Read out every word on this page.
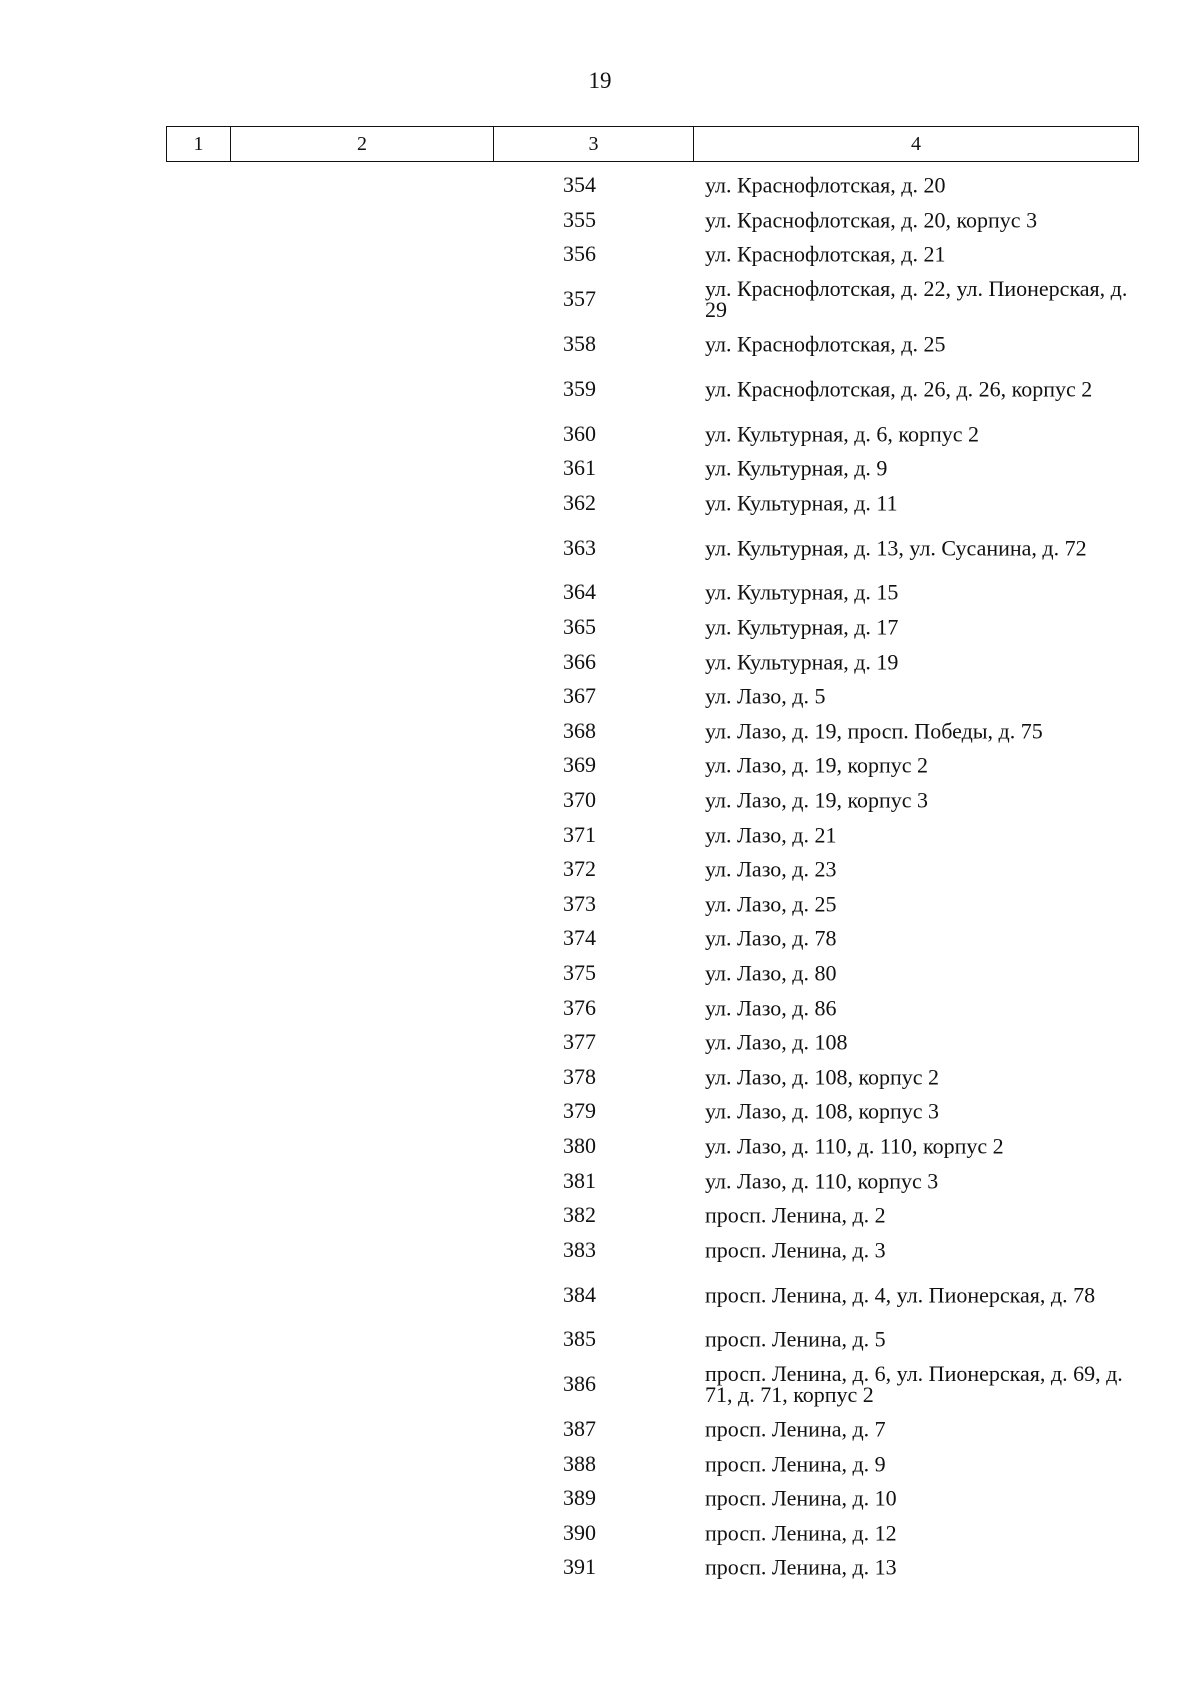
19
1	2	3	4
354	ул. Краснофлотская, д. 20
355	ул. Краснофлотская, д. 20, корпус 3
356	ул. Краснофлотская, д. 21
357	ул. Краснофлотская, д. 22, ул. Пионерская, д. 29
358	ул. Краснофлотская, д. 25
359	ул. Краснофлотская, д. 26, д. 26, корпус 2
360	ул. Культурная, д. 6, корпус 2
361	ул. Культурная, д. 9
362	ул. Культурная, д. 11
363	ул. Культурная, д. 13, ул. Сусанина, д. 72
364	ул. Культурная, д. 15
365	ул. Культурная, д. 17
366	ул. Культурная, д. 19
367	ул. Лазо, д. 5
368	ул. Лазо, д. 19, просп. Победы, д. 75
369	ул. Лазо, д. 19, корпус 2
370	ул. Лазо, д. 19, корпус 3
371	ул. Лазо, д. 21
372	ул. Лазо, д. 23
373	ул. Лазо, д. 25
374	ул. Лазо, д. 78
375	ул. Лазо, д. 80
376	ул. Лазо, д. 86
377	ул. Лазо, д. 108
378	ул. Лазо, д. 108, корпус 2
379	ул. Лазо, д. 108, корпус 3
380	ул. Лазо, д. 110, д. 110, корпус 2
381	ул. Лазо, д. 110, корпус 3
382	просп. Ленина, д. 2
383	просп. Ленина, д. 3
384	просп. Ленина, д. 4, ул. Пионерская, д. 78
385	просп. Ленина, д. 5
386	просп. Ленина, д. 6, ул. Пионерская, д. 69, д. 71, д. 71, корпус 2
387	просп. Ленина, д. 7
388	просп. Ленина, д. 9
389	просп. Ленина, д. 10
390	просп. Ленина, д. 12
391	просп. Ленина, д. 13
